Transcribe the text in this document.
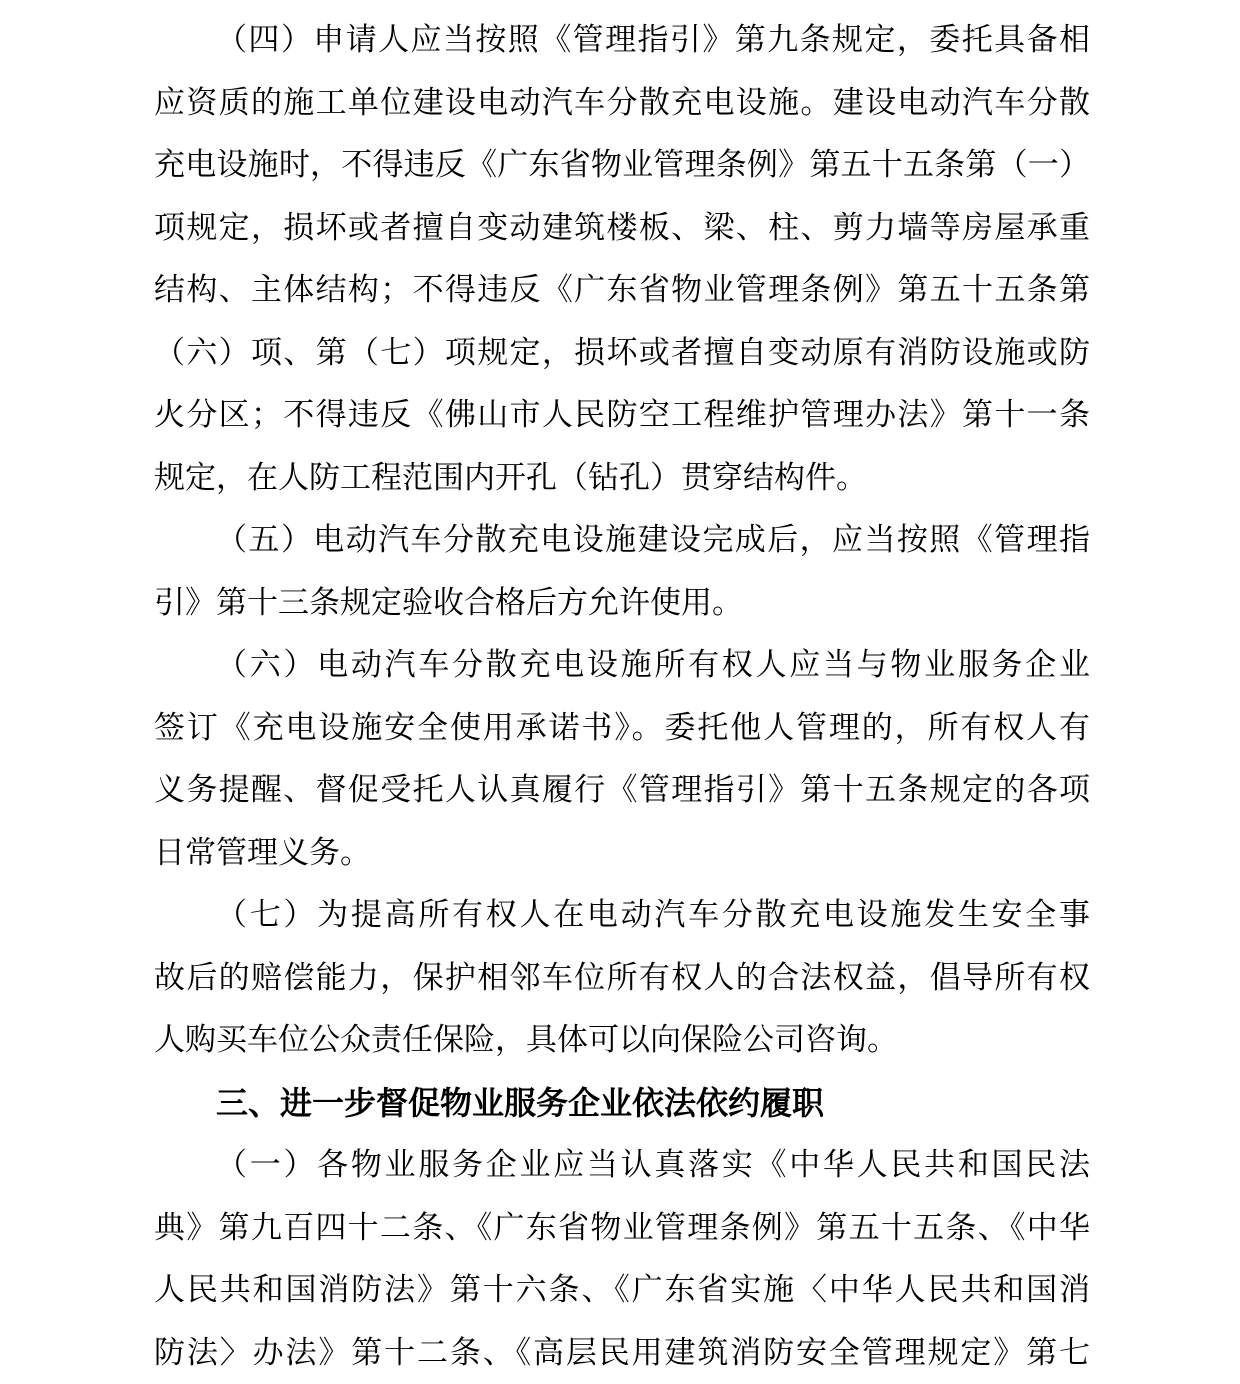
（四）申请人应当按照《管理指引》第九条规定，委托具备相
应资质的施工单位建设电动汽车分散充电设施。建设电动汽车分散
充电设施时，不得违反《广东省物业管理条例》第五十五条第（一）
项规定，损坏或者擅自变动建筑楼板、梁、柱、剪力墙等房屋承重
结构、主体结构；不得违反《广东省物业管理条例》第五十五条第
（六）项、第（七）项规定，损坏或者擅自变动原有消防设施或防
火分区；不得违反《佛山市人民防空工程维护管理办法》第十一条
规定，在人防工程范围内开孔（钻孔）贯穿结构件。
（五）电动汽车分散充电设施建设完成后，应当按照《管理指
引》第十三条规定验收合格后方允许使用。
（六）电动汽车分散充电设施所有权人应当与物业服务企业
签订《充电设施安全使用承诺书》。委托他人管理的，所有权人有
义务提醒、督促受托人认真履行《管理指引》第十五条规定的各项
日常管理义务。
（七）为提高所有权人在电动汽车分散充电设施发生安全事
故后的赔偿能力，保护相邻车位所有权人的合法权益，倡导所有权
人购买车位公众责任保险，具体可以向保险公司咨询。
三、进一步督促物业服务企业依法依约履职
（一）各物业服务企业应当认真落实《中华人民共和国民法
典》第九百四十二条、《广东省物业管理条例》第五十五条、《中华
人民共和国消防法》第十六条、《广东省实施〈中华人民共和国消
防法〉办法》第十二条、《高层民用建筑消防安全管理规定》第七
